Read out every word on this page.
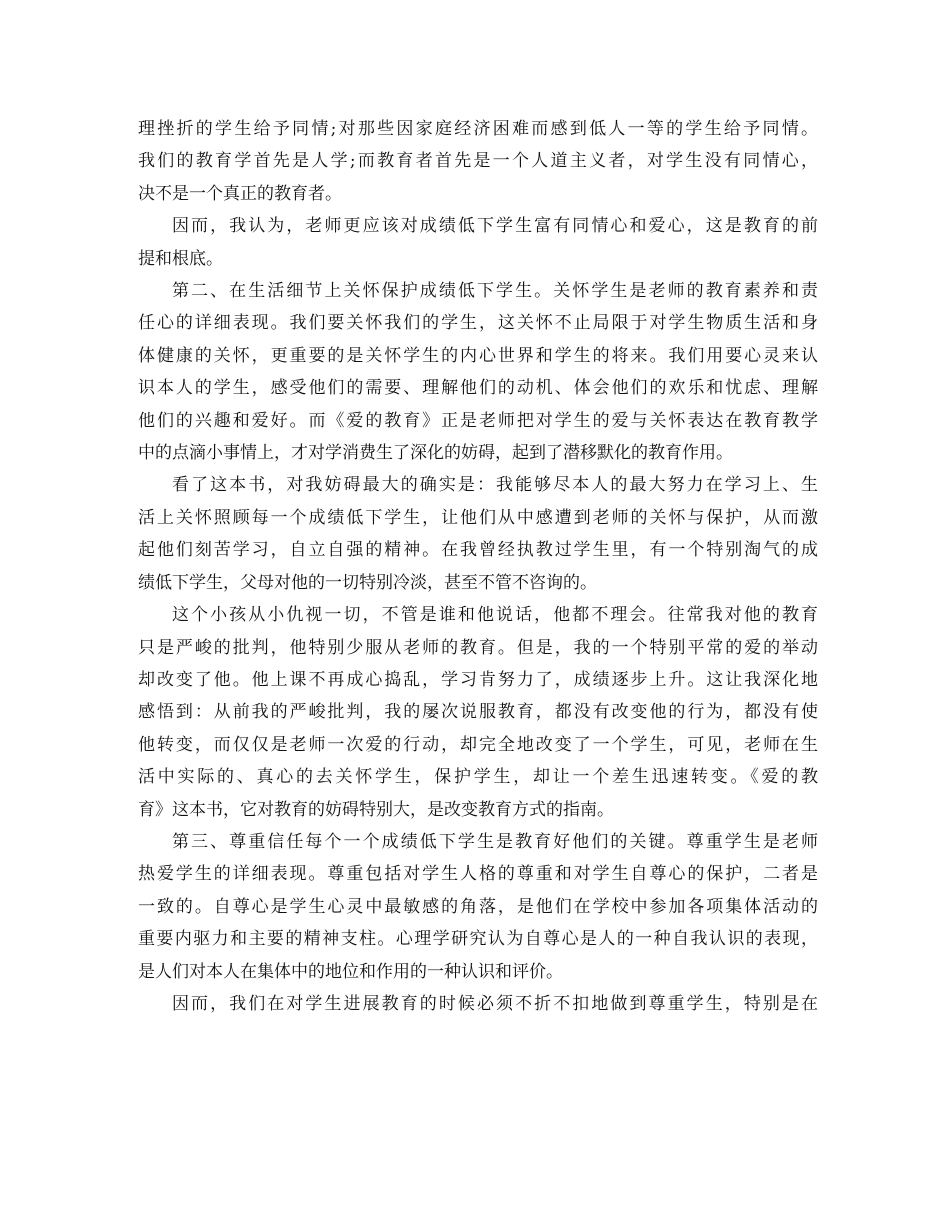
理挫折的学生给予同情;对那些因家庭经济困难而感到低人一等的学生给予同情。
我们的教育学首先是人学;而教育者首先是一个人道主义者，对学生没有同情心，
决不是一个真正的教育者。
因而，我认为，老师更应该对成绩低下学生富有同情心和爱心，这是教育的前
提和根底。
第二、在生活细节上关怀保护成绩低下学生。关怀学生是老师的教育素养和责
任心的详细表现。我们要关怀我们的学生，这关怀不止局限于对学生物质生活和身
体健康的关怀，更重要的是关怀学生的内心世界和学生的将来。我们用要心灵来认
识本人的学生，感受他们的需要、理解他们的动机、体会他们的欢乐和忧虑、理解
他们的兴趣和爱好。而《爱的教育》正是老师把对学生的爱与关怀表达在教育教学
中的点滴小事情上，才对学消费生了深化的妨碍，起到了潜移默化的教育作用。
看了这本书，对我妨碍最大的确实是：我能够尽本人的最大努力在学习上、生
活上关怀照顾每一个成绩低下学生，让他们从中感遭到老师的关怀与保护，从而激
起他们刻苦学习，自立自强的精神。在我曾经执教过学生里，有一个特别淘气的成
绩低下学生，父母对他的一切特别冷淡，甚至不管不咨询的。
这个小孩从小仇视一切，不管是谁和他说话，他都不理会。往常我对他的教育
只是严峻的批判，他特别少服从老师的教育。但是，我的一个特别平常的爱的举动
却改变了他。他上课不再成心捣乱，学习肯努力了，成绩逐步上升。这让我深化地
感悟到：从前我的严峻批判，我的屡次说服教育，都没有改变他的行为，都没有使
他转变，而仅仅是老师一次爱的行动，却完全地改变了一个学生，可见，老师在生
活中实际的、真心的去关怀学生，保护学生，却让一个差生迅速转变。《爱的教
育》这本书，它对教育的妨碍特别大，是改变教育方式的指南。
第三、尊重信任每个一个成绩低下学生是教育好他们的关键。尊重学生是老师
热爱学生的详细表现。尊重包括对学生人格的尊重和对学生自尊心的保护，二者是
一致的。自尊心是学生心灵中最敏感的角落，是他们在学校中参加各项集体活动的
重要内驱力和主要的精神支柱。心理学研究认为自尊心是人的一种自我认识的表现，
是人们对本人在集体中的地位和作用的一种认识和评价。
因而，我们在对学生进展教育的时候必须不折不扣地做到尊重学生，特别是在
